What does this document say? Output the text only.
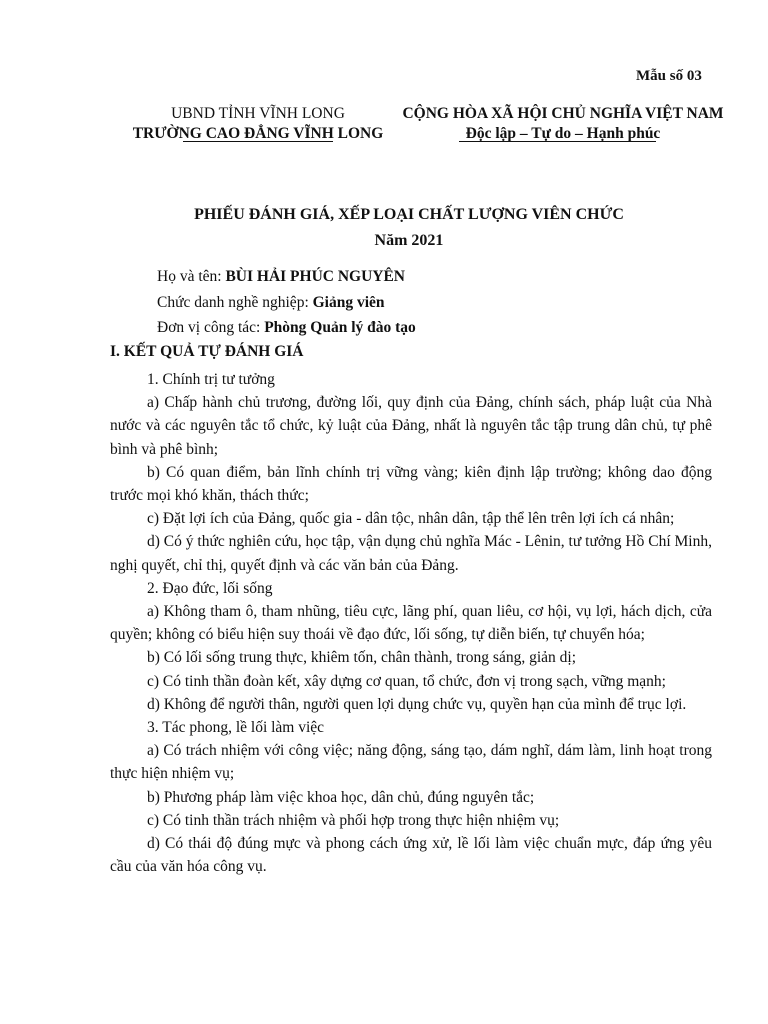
Mẫu số 03
UBND TỈNH VĨNH LONG
TRƯỜNG CAO ĐẲNG VĨNH LONG
CỘNG HÒA XÃ HỘI CHỦ NGHĨA VIỆT NAM
Độc lập – Tự do – Hạnh phúc
PHIẾU ĐÁNH GIÁ, XẾP LOẠI CHẤT LƯỢNG VIÊN CHỨC
Năm 2021
Họ và tên: BÙI HẢI PHÚC NGUYÊN
Chức danh nghề nghiệp: Giảng viên
Đơn vị công tác: Phòng Quản lý đào tạo
I. KẾT QUẢ TỰ ĐÁNH GIÁ

1. Chính trị tư tưởng

a) Chấp hành chủ trương, đường lối, quy định của Đảng, chính sách, pháp luật của Nhà nước và các nguyên tắc tổ chức, kỷ luật của Đảng, nhất là nguyên tắc tập trung dân chủ, tự phê bình và phê bình;

b) Có quan điểm, bản lĩnh chính trị vững vàng; kiên định lập trường; không dao động trước mọi khó khăn, thách thức;

c) Đặt lợi ích của Đảng, quốc gia - dân tộc, nhân dân, tập thể lên trên lợi ích cá nhân;

d) Có ý thức nghiên cứu, học tập, vận dụng chủ nghĩa Mác - Lênin, tư tưởng Hồ Chí Minh, nghị quyết, chỉ thị, quyết định và các văn bản của Đảng.

2. Đạo đức, lối sống

a) Không tham ô, tham nhũng, tiêu cực, lãng phí, quan liêu, cơ hội, vụ lợi, hách dịch, cửa quyền; không có biểu hiện suy thoái về đạo đức, lối sống, tự diễn biến, tự chuyển hóa;

b) Có lối sống trung thực, khiêm tốn, chân thành, trong sáng, giản dị;

c) Có tinh thần đoàn kết, xây dựng cơ quan, tổ chức, đơn vị trong sạch, vững mạnh;

d) Không để người thân, người quen lợi dụng chức vụ, quyền hạn của mình để trục lợi.

3. Tác phong, lề lối làm việc

a) Có trách nhiệm với công việc; năng động, sáng tạo, dám nghĩ, dám làm, linh hoạt trong thực hiện nhiệm vụ;

b) Phương pháp làm việc khoa học, dân chủ, đúng nguyên tắc;

c) Có tinh thần trách nhiệm và phối hợp trong thực hiện nhiệm vụ;

d) Có thái độ đúng mực và phong cách ứng xử, lề lối làm việc chuẩn mực, đáp ứng yêu cầu của văn hóa công vụ.
